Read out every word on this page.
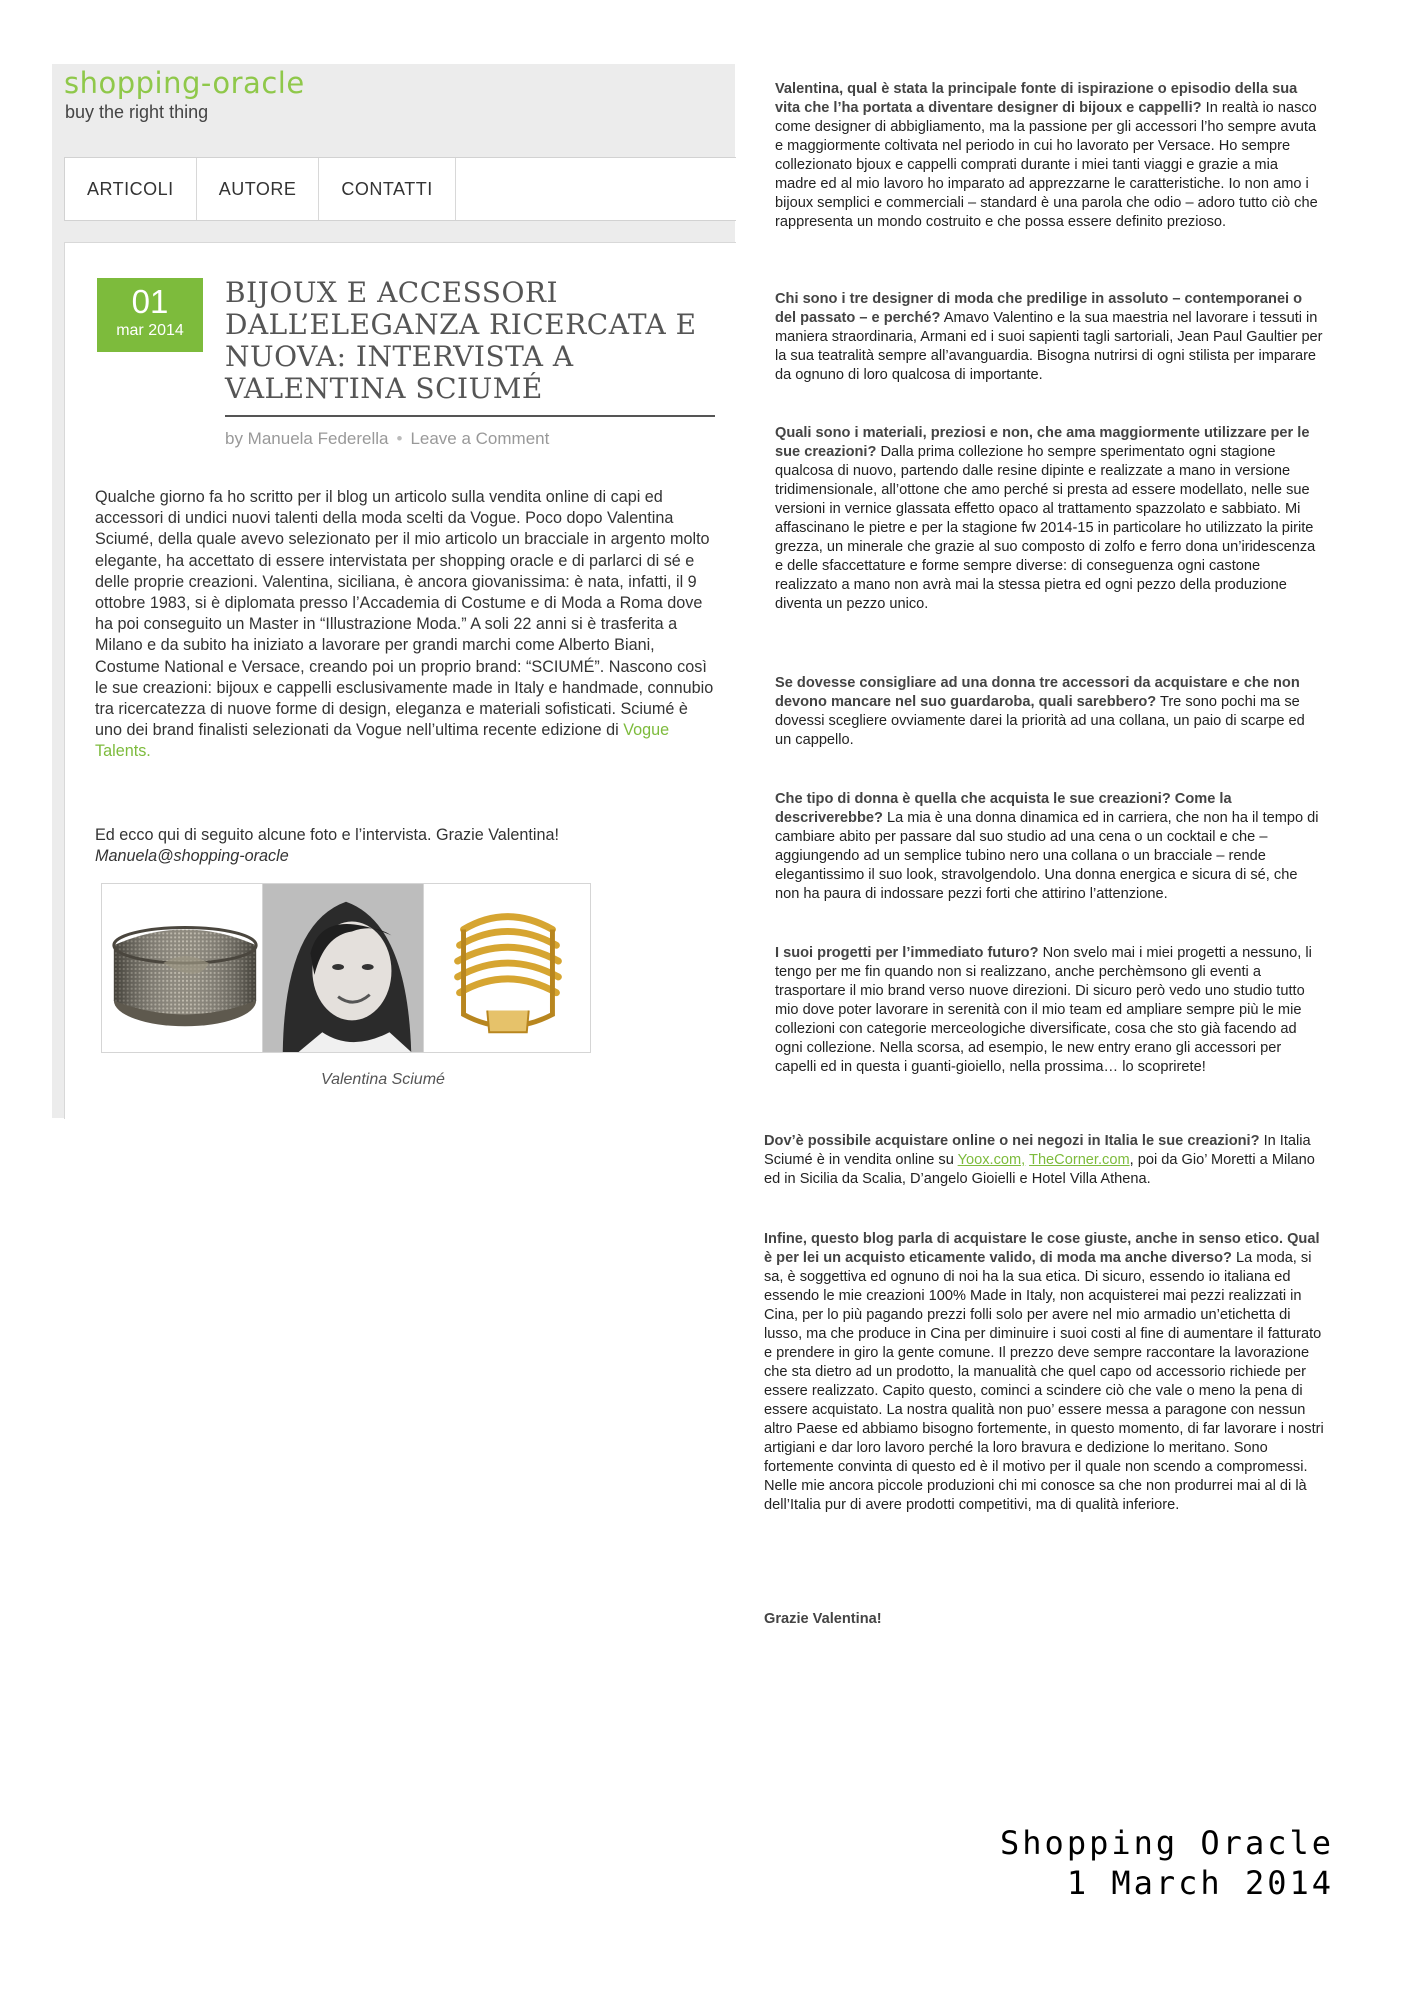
shopping-oracle
buy the right thing
ARTICOLI	AUTORE	CONTATTI
01
mar 2014
BIJOUX E ACCESSORI DALL’ELEGANZA RICERCATA E NUOVA: INTERVISTA A VALENTINA SCIUMÉ
by Manuela Federella • Leave a Comment

Qualche giorno fa ho scritto per il blog un articolo sulla vendita online di capi ed accessori di undici nuovi talenti della moda scelti da Vogue. Poco dopo Valentina Sciumé, della quale avevo selezionato per il mio articolo un bracciale in argento molto elegante, ha accettato di essere intervistata per shopping oracle e di parlarci di sé e delle proprie creazioni. Valentina, siciliana, è ancora giovanissima: è nata, infatti, il 9 ottobre 1983, si è diplomata presso l’Accademia di Costume e di Moda a Roma dove ha poi conseguito un Master in “Illustrazione Moda.” A soli 22 anni si è trasferita a Milano e da subito ha iniziato a lavorare per grandi marchi come Alberto Biani, Costume National e Versace, creando poi un proprio brand: “SCIUMÉ”. Nascono così le sue creazioni: bijoux e cappelli esclusivamente made in Italy e handmade, connubio tra ricercatezza di nuove forme di design, eleganza e materiali sofisticati. Sciumé è uno dei brand finalisti selezionati da Vogue nell’ultima recente edizione di Vogue Talents.

Ed ecco qui di seguito alcune foto e l’intervista. Grazie Valentina!
Manuela@shopping-oracle

Valentina Sciumé

Valentina, qual è stata la principale fonte di ispirazione o episodio della sua vita che l’ha portata a diventare designer di bijoux e cappelli? In realtà io nasco come designer di abbigliamento, ma la passione per gli accessori l’ho sempre avuta e maggiormente coltivata nel periodo in cui ho lavorato per Versace. Ho sempre collezionato bjoux e cappelli comprati durante i miei tanti viaggi e grazie a mia madre ed al mio lavoro ho imparato ad apprezzarne le caratteristiche. Io non amo i bijoux semplici e commerciali – standard è una parola che odio – adoro tutto ciò che rappresenta un mondo costruito e che possa essere definito prezioso.

Chi sono i tre designer di moda che predilige in assoluto – contemporanei o del passato – e perché? Amavo Valentino e la sua maestria nel lavorare i tessuti in maniera straordinaria, Armani ed i suoi sapienti tagli sartoriali, Jean Paul Gaultier per la sua teatralità sempre all’avanguardia. Bisogna nutrirsi di ogni stilista per imparare da ognuno di loro qualcosa di importante.

Quali sono i materiali, preziosi e non, che ama maggiormente utilizzare per le sue creazioni? Dalla prima collezione ho sempre sperimentato ogni stagione qualcosa di nuovo, partendo dalle resine dipinte e realizzate a mano in versione tridimensionale, all’ottone che amo perché si presta ad essere modellato, nelle sue versioni in vernice glassata effetto opaco al trattamento spazzolato e sabbiato. Mi affascinano le pietre e per la stagione fw 2014-15 in particolare ho utilizzato la pirite grezza, un minerale che grazie al suo composto di zolfo e ferro dona un’iridescenza e delle sfaccettature e forme sempre diverse: di conseguenza ogni castone realizzato a mano non avrà mai la stessa pietra ed ogni pezzo della produzione diventa un pezzo unico.

Se dovesse consigliare ad una donna tre accessori da acquistare e che non devono mancare nel suo guardaroba, quali sarebbero? Tre sono pochi ma se dovessi scegliere ovviamente darei la priorità ad una collana, un paio di scarpe ed un cappello.

Che tipo di donna è quella che acquista le sue creazioni? Come la descriverebbe? La mia è una donna dinamica ed in carriera, che non ha il tempo di cambiare abito per passare dal suo studio ad una cena o un cocktail e che – aggiungendo ad un semplice tubino nero una collana o un bracciale – rende elegantissimo il suo look, stravolgendolo. Una donna energica e sicura di sé, che non ha paura di indossare pezzi forti che attirino l’attenzione.

I suoi progetti per l’immediato futuro? Non svelo mai i miei progetti a nessuno, li tengo per me fin quando non si realizzano, anche perchèmsono gli eventi a trasportare il mio brand verso nuove direzioni. Di sicuro però vedo uno studio tutto mio dove poter lavorare in serenità con il mio team ed ampliare sempre più le mie collezioni con categorie merceologiche diversificate, cosa che sto già facendo ad ogni collezione. Nella scorsa, ad esempio, le new entry erano gli accessori per capelli ed in questa i guanti-gioiello, nella prossima… lo scoprirete!

Dov’è possibile acquistare online o nei negozi in Italia le sue creazioni? In Italia Sciumé è in vendita online su Yoox.com, TheCorner.com, poi da Gio’ Moretti a Milano ed in Sicilia da Scalia, D’angelo Gioielli e Hotel Villa Athena.

Infine, questo blog parla di acquistare le cose giuste, anche in senso etico. Qual è per lei un acquisto eticamente valido, di moda ma anche diverso? La moda, si sa, è soggettiva ed ognuno di noi ha la sua etica. Di sicuro, essendo io italiana ed essendo le mie creazioni 100% Made in Italy, non acquisterei mai pezzi realizzati in Cina, per lo più pagando prezzi folli solo per avere nel mio armadio un’etichetta di lusso, ma che produce in Cina per diminuire i suoi costi al fine di aumentare il fatturato e prendere in giro la gente comune. Il prezzo deve sempre raccontare la lavorazione che sta dietro ad un prodotto, la manualità che quel capo od accessorio richiede per essere realizzato. Capito questo, cominci a scindere ciò che vale o meno la pena di essere acquistato. La nostra qualità non puo’ essere messa a paragone con nessun altro Paese ed abbiamo bisogno fortemente, in questo momento, di far lavorare i nostri artigiani e dar loro lavoro perché la loro bravura e dedizione lo meritano. Sono fortemente convinta di questo ed è il motivo per il quale non scendo a compromessi. Nelle mie ancora piccole produzioni chi mi conosce sa che non produrrei mai al di là dell’Italia pur di avere prodotti competitivi, ma di qualità inferiore.

Grazie Valentina!

Shopping Oracle
1 March 2014
